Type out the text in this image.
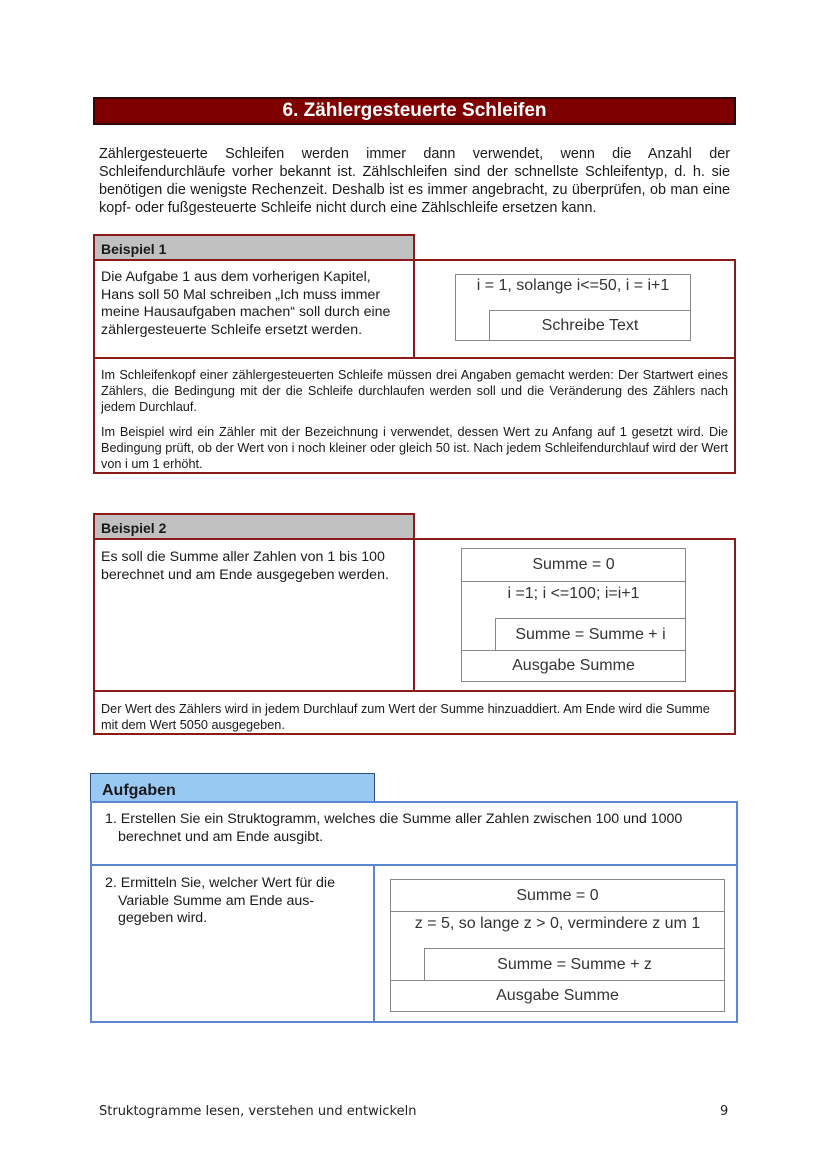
6. Zählergesteuerte Schleifen
Zählergesteuerte Schleifen werden immer dann verwendet, wenn die Anzahl der Schleifendurchläufe vorher bekannt ist. Zählschleifen sind der schnellste Schleifentyp, d. h. sie benötigen die wenigste Rechenzeit. Deshalb ist es immer angebracht, zu überprüfen, ob man eine kopf- oder fußgesteuerte Schleife nicht durch eine Zählschleife ersetzen kann.
Beispiel 1
Die Aufgabe 1 aus dem vorherigen Kapitel, Hans soll 50 Mal schreiben „Ich muss immer meine Hausaufgaben machen“ soll durch eine zählergesteuerte Schleife ersetzt werden.
i = 1, solange i<=50, i = i+1
Schreibe Text
Im Schleifenkopf einer zählergesteuerten Schleife müssen drei Angaben gemacht werden: Der Startwert eines Zählers, die Bedingung mit der die Schleife durchlaufen werden soll und die Veränderung des Zählers nach jedem Durchlauf.
Im Beispiel wird ein Zähler mit der Bezeichnung i verwendet, dessen Wert zu Anfang auf 1 gesetzt wird. Die Bedingung prüft, ob der Wert von i noch kleiner oder gleich 50 ist. Nach jedem Schleifendurchlauf wird der Wert von i um 1 erhöht.
Beispiel 2
Es soll die Summe aller Zahlen von 1 bis 100 berechnet und am Ende ausgegeben werden.
Summe = 0
i =1; i <=100; i=i+1
Summe = Summe + i
Ausgabe Summe
Der Wert des Zählers wird in jedem Durchlauf zum Wert der Summe hinzuaddiert. Am Ende wird die Summe mit dem Wert 5050 ausgegeben.
Aufgaben
1. Erstellen Sie ein Struktogramm, welches die Summe aller Zahlen zwischen 100 und 1000 berechnet und am Ende ausgibt.
2. Ermitteln Sie, welcher Wert für die Variable Summe am Ende aus-gegeben wird.
Summe = 0
z = 5, so lange z > 0, vermindere z um 1
Summe = Summe + z
Ausgabe Summe
Struktogramme lesen, verstehen und entwickeln	9
